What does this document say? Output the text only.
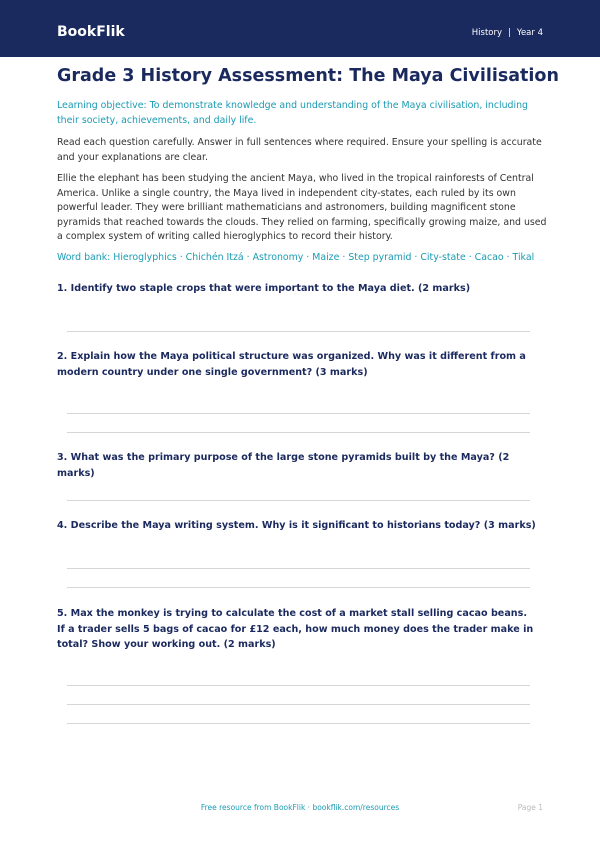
BookFlik	History | Year 4
Grade 3 History Assessment: The Maya Civilisation

Learning objective: To demonstrate knowledge and understanding of the Maya civilisation, including their society, achievements, and daily life.

Read each question carefully. Answer in full sentences where required. Ensure your spelling is accurate and your explanations are clear.

Ellie the elephant has been studying the ancient Maya, who lived in the tropical rainforests of Central America. Unlike a single country, the Maya lived in independent city-states, each ruled by its own powerful leader. They were brilliant mathematicians and astronomers, building magnificent stone pyramids that reached towards the clouds. They relied on farming, specifically growing maize, and used a complex system of writing called hieroglyphics to record their history.

Word bank: Hieroglyphics · Chichén Itzá · Astronomy · Maize · Step pyramid · City-state · Cacao · Tikal

1. Identify two staple crops that were important to the Maya diet. (2 marks)

2. Explain how the Maya political structure was organized. Why was it different from a modern country under one single government? (3 marks)

3. What was the primary purpose of the large stone pyramids built by the Maya? (2 marks)

4. Describe the Maya writing system. Why is it significant to historians today? (3 marks)

5. Max the monkey is trying to calculate the cost of a market stall selling cacao beans. If a trader sells 5 bags of cacao for £12 each, how much money does the trader make in total? Show your working out. (2 marks)

Free resource from BookFlik · bookflik.com/resources	Page 1
